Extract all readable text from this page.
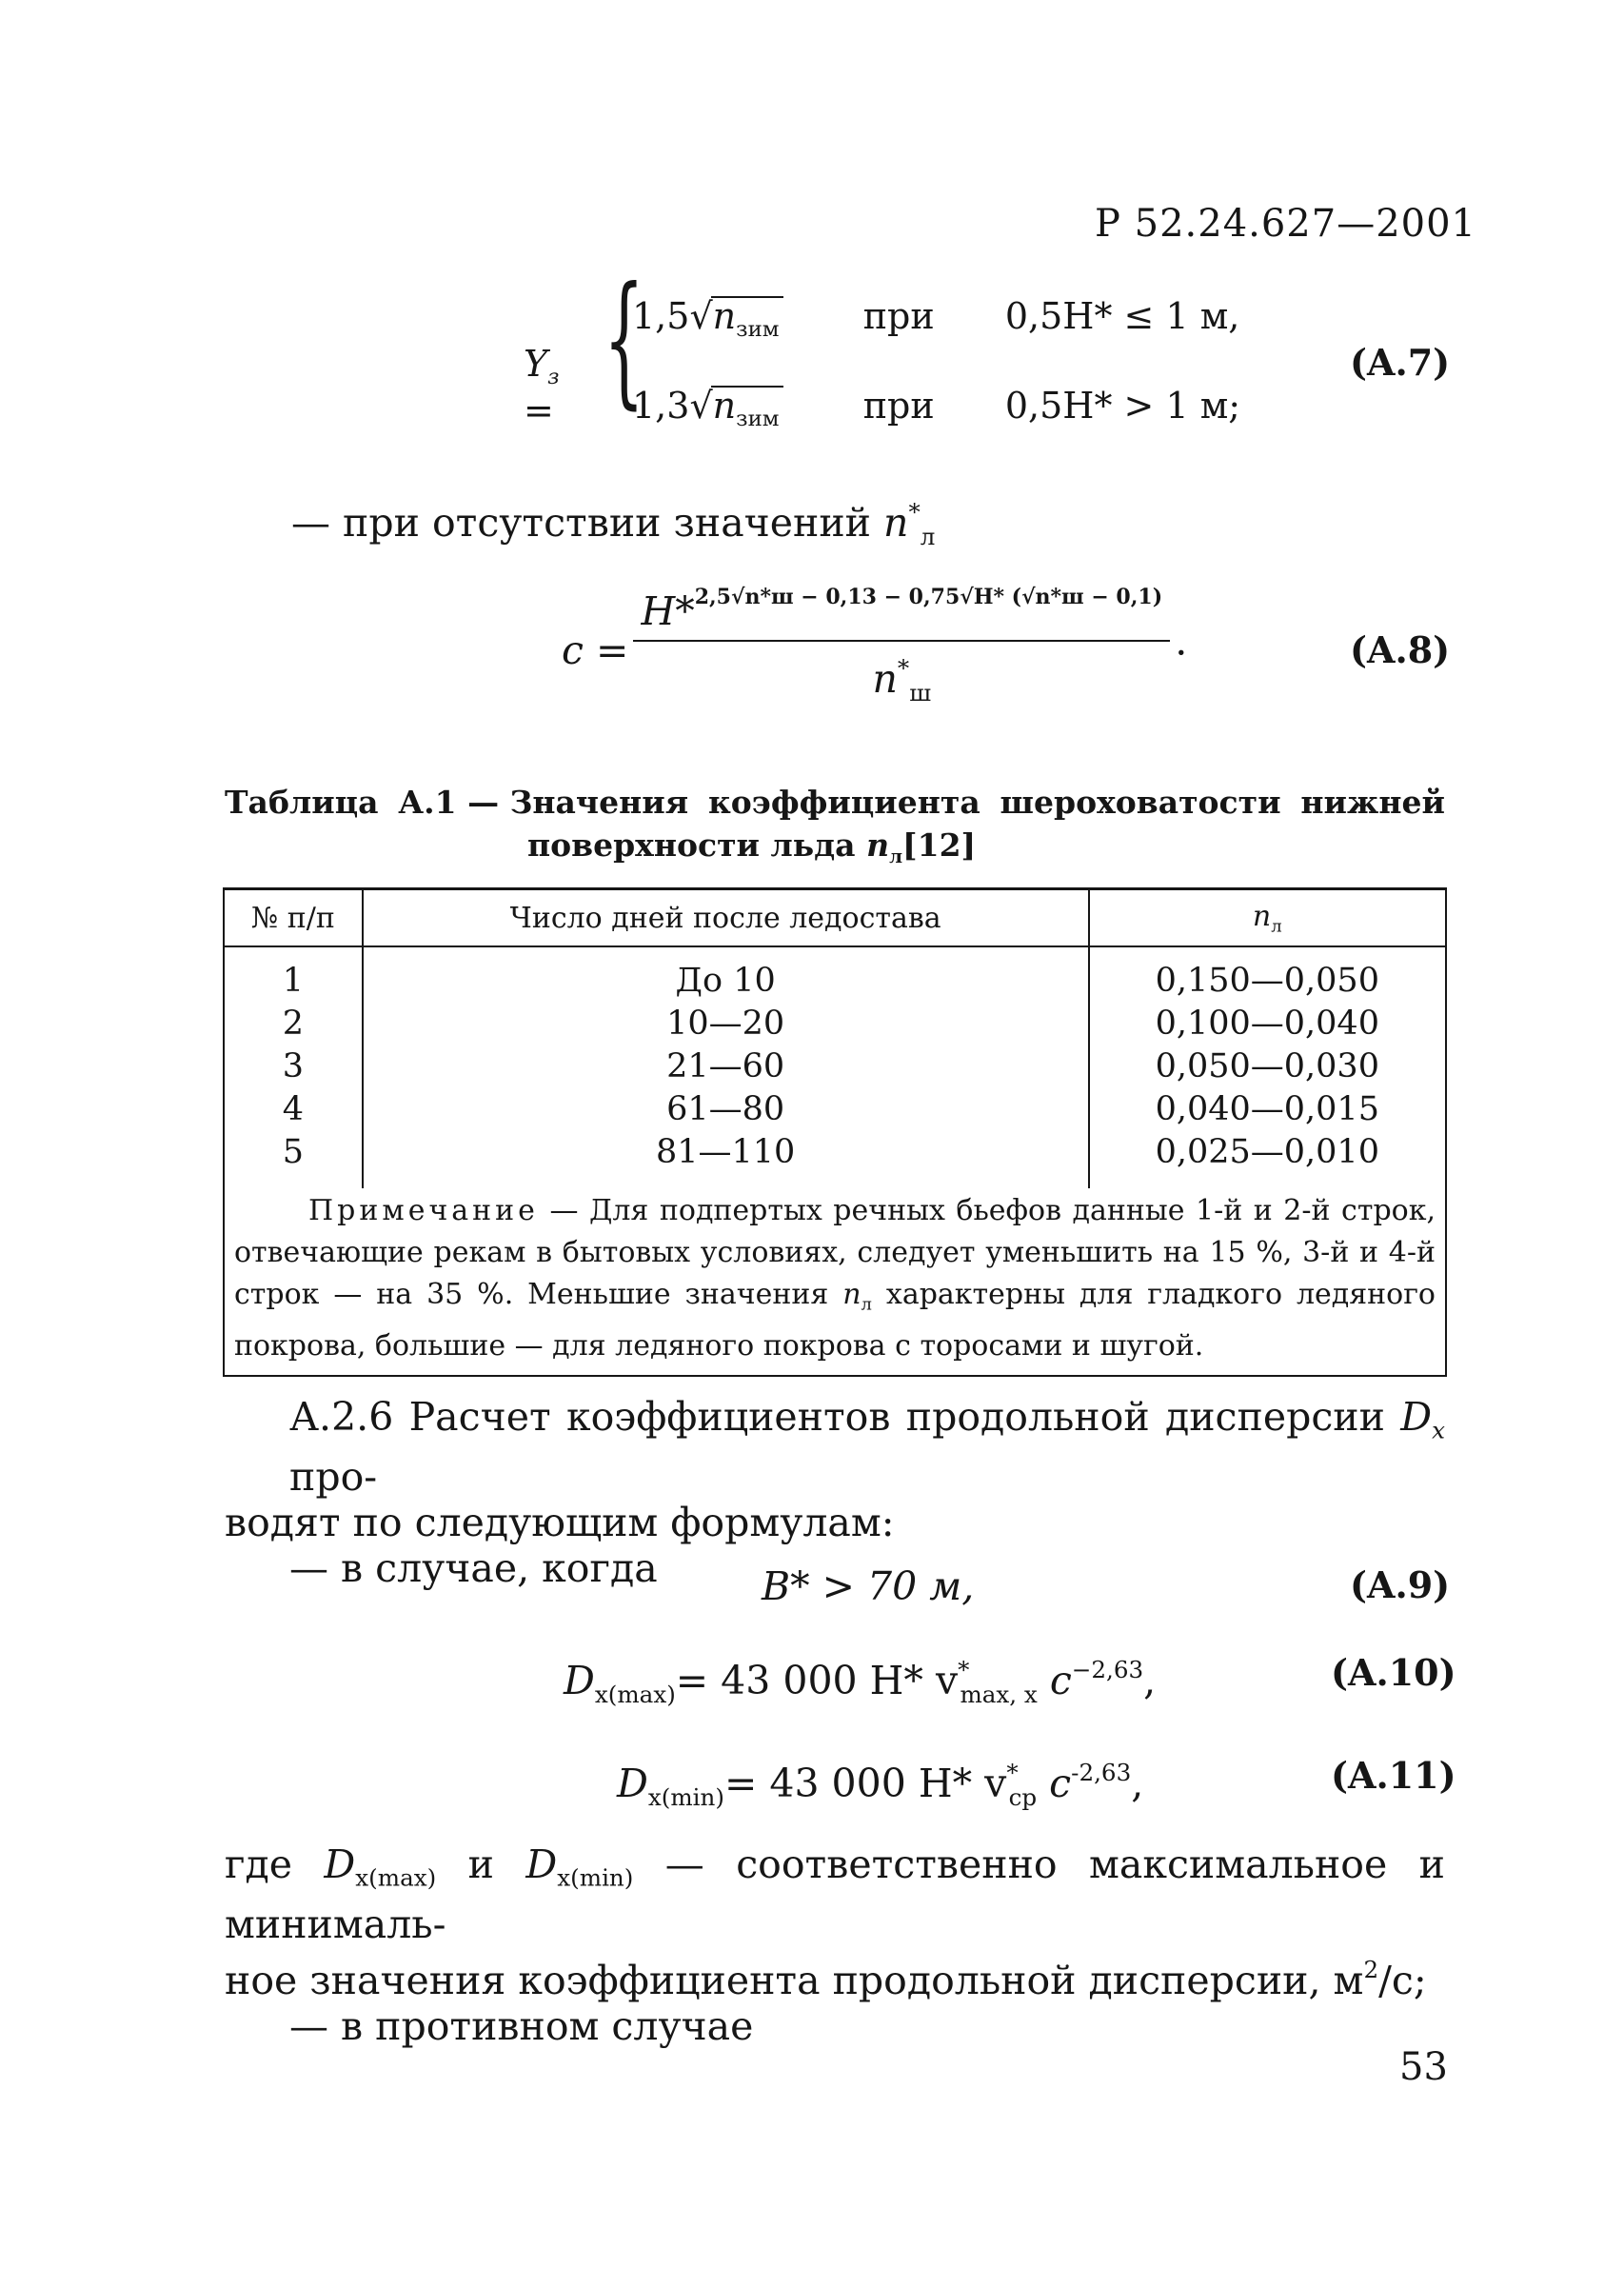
Р 52.24.627—2001
$Y_з$ = {
$1,5√n_{зим}$ при 0,5H* ≤ 1 м,
$1,3√n_{зим}$ при 0,5H* > 1 м;
(A.7)
— при отсутствии значений $n^*_л$
$c = \frac{H*2,5√n*ш - 0,13 - 0,75√H* (√n*ш - 0,1)}{n^*_ш}$ .	(A.8)
Таблица А.1 — Значения коэффициента шероховатости нижней
поверхности льда $n_л[12]$
№ п/п	Число дней после ледостава	$n_л$
1	До 10	0,150—0,050
2	10—20	0,100—0,040
3	21—60	0,050—0,030
4	61—80	0,040—0,015
5	81—110	0,025—0,010
Примечание — Для подпертых речных бьефов данные 1-й и 2-й строк, отвечающие рекам в бытовых условиях, следует уменьшить на 15 %, 3-й и 4-й строк — на 35 %. Меньшие значения $n_л$ характерны для гладкого ледяного покрова, большие — для ледяного покрова с торосами и шугой.
А.2.6 Расчет коэффициентов продольной дисперсии $D_x$ про-
водят по следующим формулам:
— в случае, когда	B* > 70 м,	(A.9)
$D_{x(max)}= 43$ 000 H* $v^*_{max, x}$ $c^{-2,63}$,	(A.10)
$D_{x(min)}= 43$ 000 H* $v^*_{ср}$ $c^{-2,63}$,	(A.11)
где $D_{x(max)}$ и $D_{x(min)}$ — соответственно максимальное и минималь-
ное значения коэффициента продольной дисперсии, $м^2/с$;
— в противном случае
53
